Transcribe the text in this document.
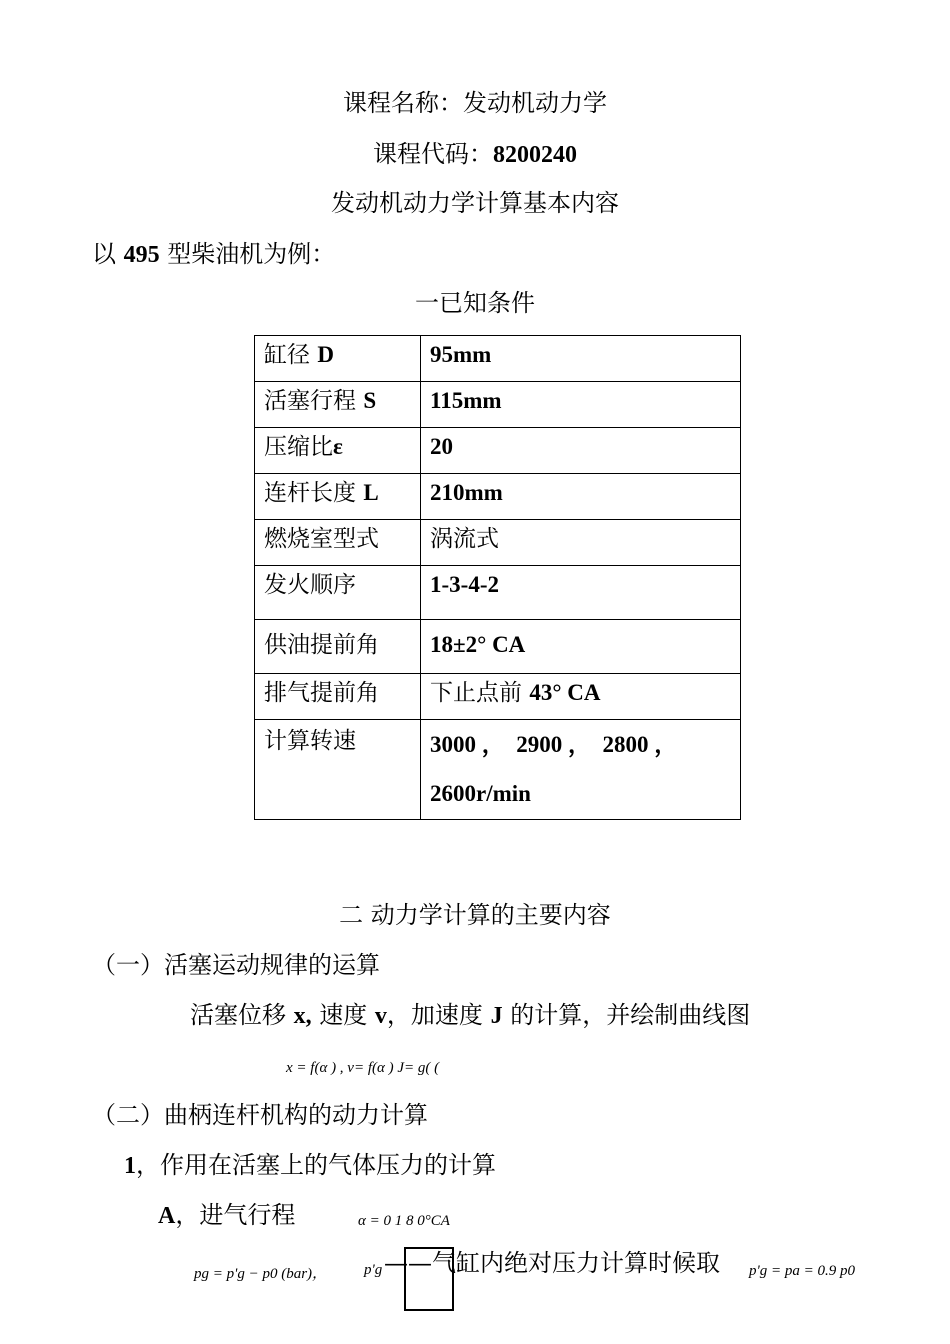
课程名称：发动机动力学
课程代码：8200240
发动机动力学计算基本内容
以 495 型柴油机为例：
一已知条件
缸径 D	95mm
活塞行程 S	115mm
压缩比ε	20
连杆长度 L	210mm
燃烧室型式	涡流式
发火顺序	1-3-4-2
供油提前角	18±2° CA
排气提前角	下止点前 43° CA
计算转速	3000 ，  2900 ，  2800 ，
2600r/min
二 动力学计算的主要内容
（一）活塞运动规律的运算
活塞位移 x, 速度 v，加速度 J 的计算，并绘制曲线图
x = f(α ) , v= f(α ) J= g( (
（二）曲柄连杆机构的动力计算
1，作用在活塞上的气体压力的计算
A，进气行程	α = 0 1 8 0°CA
pg = p'g − p0 (bar)， p'g ——气缸内绝对压力计算时候取 p'g = pa = 0.9 p0
